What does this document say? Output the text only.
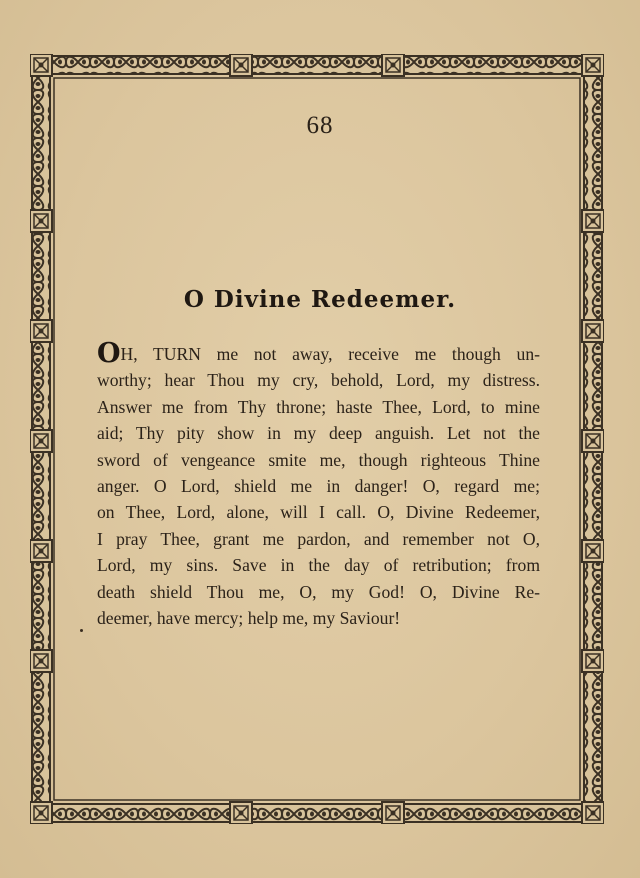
68
O Divine Redeemer.
OH, TURN me not away, receive me though un-
worthy; hear Thou my cry, behold, Lord, my distress.
Answer me from Thy throne; haste Thee, Lord, to mine
aid; Thy pity show in my deep anguish. Let not the
sword of vengeance smite me, though righteous Thine
anger. O Lord, shield me in danger! O, regard me;
on Thee, Lord, alone, will I call. O, Divine Redeemer,
I pray Thee, grant me pardon, and remember not O,
Lord, my sins. Save in the day of retribution; from
death shield Thou me, O, my God! O, Divine Re-
deemer, have mercy; help me, my Saviour!
